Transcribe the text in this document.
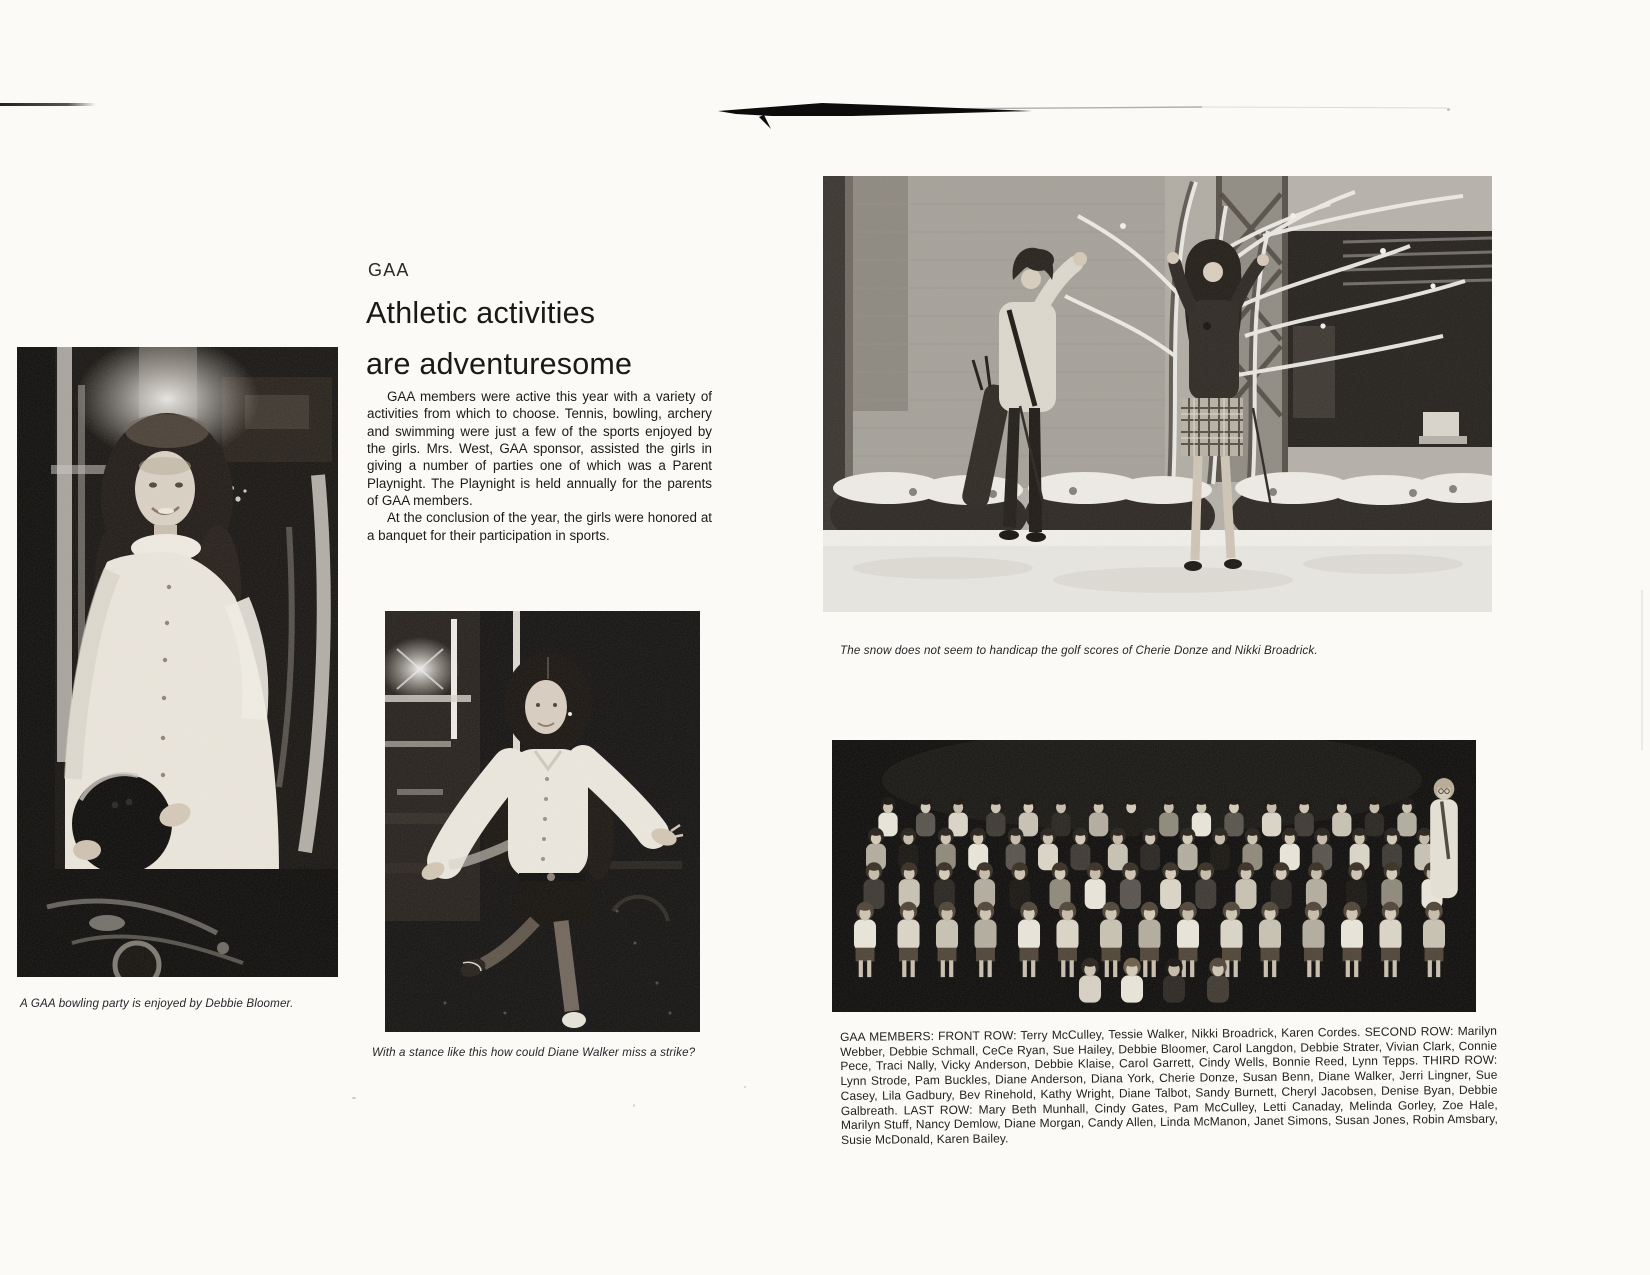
A GAA bowling party is enjoyed by Debbie Bloomer.
GAA
Athletic activities
are adventuresome

GAA members were active this year with a variety of activities from which to choose. Tennis, bowling, archery and swimming were just a few of the sports enjoyed by the girls. Mrs. West, GAA sponsor, assisted the girls in giving a number of parties one of which was a Parent Playnight. The Playnight is held annually for the parents of GAA members.

At the conclusion of the year, the girls were honored at a banquet for their participation in sports.

With a stance like this how could Diane Walker miss a strike?
The snow does not seem to handicap the golf scores of Cherie Donze and Nikki Broadrick.
GAA MEMBERS: FRONT ROW: Terry McCulley, Tessie Walker, Nikki Broadrick, Karen Cordes. SECOND ROW: Marilyn Webber, Debbie Schmall, CeCe Ryan, Sue Hailey, Debbie Bloomer, Carol Langdon, Debbie Strater, Vivian Clark, Connie Pece, Traci Nally, Vicky Anderson, Debbie Klaise, Carol Garrett, Cindy Wells, Bonnie Reed, Lynn Tepps. THIRD ROW: Lynn Strode, Pam Buckles, Diane Anderson, Diana York, Cherie Donze, Susan Benn, Diane Walker, Jerri Lingner, Sue Casey, Lila Gadbury, Bev Rinehold, Kathy Wright, Diane Talbot, Sandy Burnett, Cheryl Jacobsen, Denise Byan, Debbie Galbreath. LAST ROW: Mary Beth Munhall, Cindy Gates, Pam McCulley, Letti Canaday, Melinda Gorley, Zoe Hale, Marilyn Stuff, Nancy Demlow, Diane Morgan, Candy Allen, Linda McManon, Janet Simons, Susan Jones, Robin Amsbary, Susie McDonald, Karen Bailey.
